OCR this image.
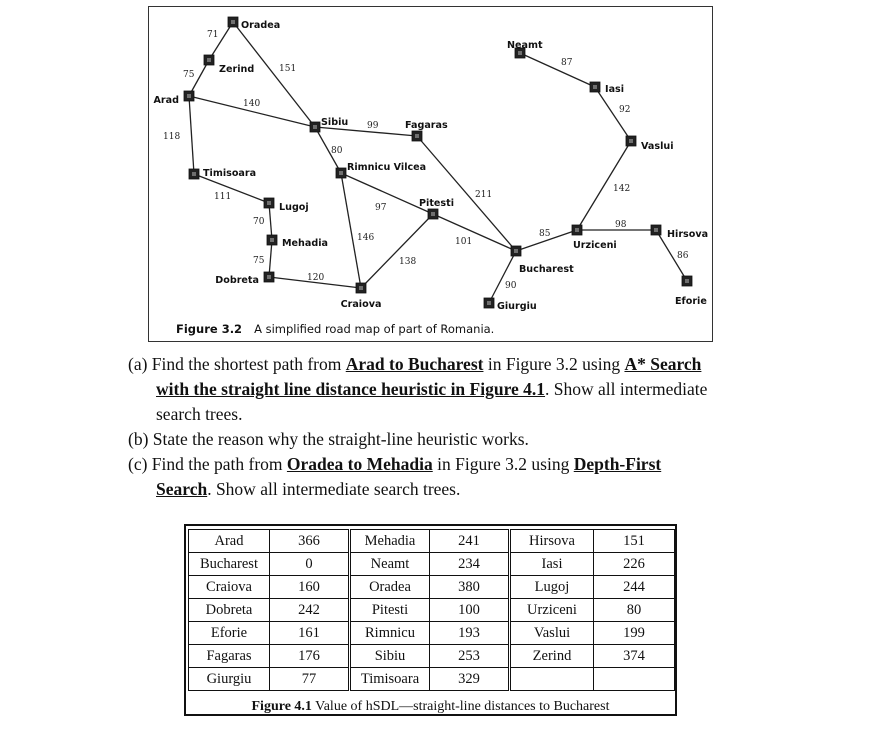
71
75
151
140
118
111
70
75
120
99
80
97
146
138
101
211
90
85
98
86
142
92
87
Oradea
Zerind
Arad
Timisoara
Lugoj
Mehadia
Dobreta
Craiova
Sibiu
Rimnicu Vilcea
Fagaras
Pitesti
Bucharest
Giurgiu
Urziceni
Neamt
Iasi
Vaslui
Hirsova
Eforie
Figure 3.2 A simplified road map of part of Romania.
(a) Find the shortest path from Arad to Bucharest in Figure 3.2 using A* Search
with the straight line distance heuristic in Figure 4.1. Show all intermediate
search trees.
(b) State the reason why the straight-line heuristic works.
(c) Find the path from Oradea to Mehadia in Figure 3.2 using Depth-First
Search. Show all intermediate search trees.
Arad	366	Mehadia	241	Hirsova	151
Bucharest	0	Neamt	234	Iasi	226
Craiova	160	Oradea	380	Lugoj	244
Dobreta	242	Pitesti	100	Urziceni	80
Eforie	161	Rimnicu	193	Vaslui	199
Fagaras	176	Sibiu	253	Zerind	374
Giurgiu	77	Timisoara	329		
Figure 4.1 Value of hSDL—straight-line distances to Bucharest
